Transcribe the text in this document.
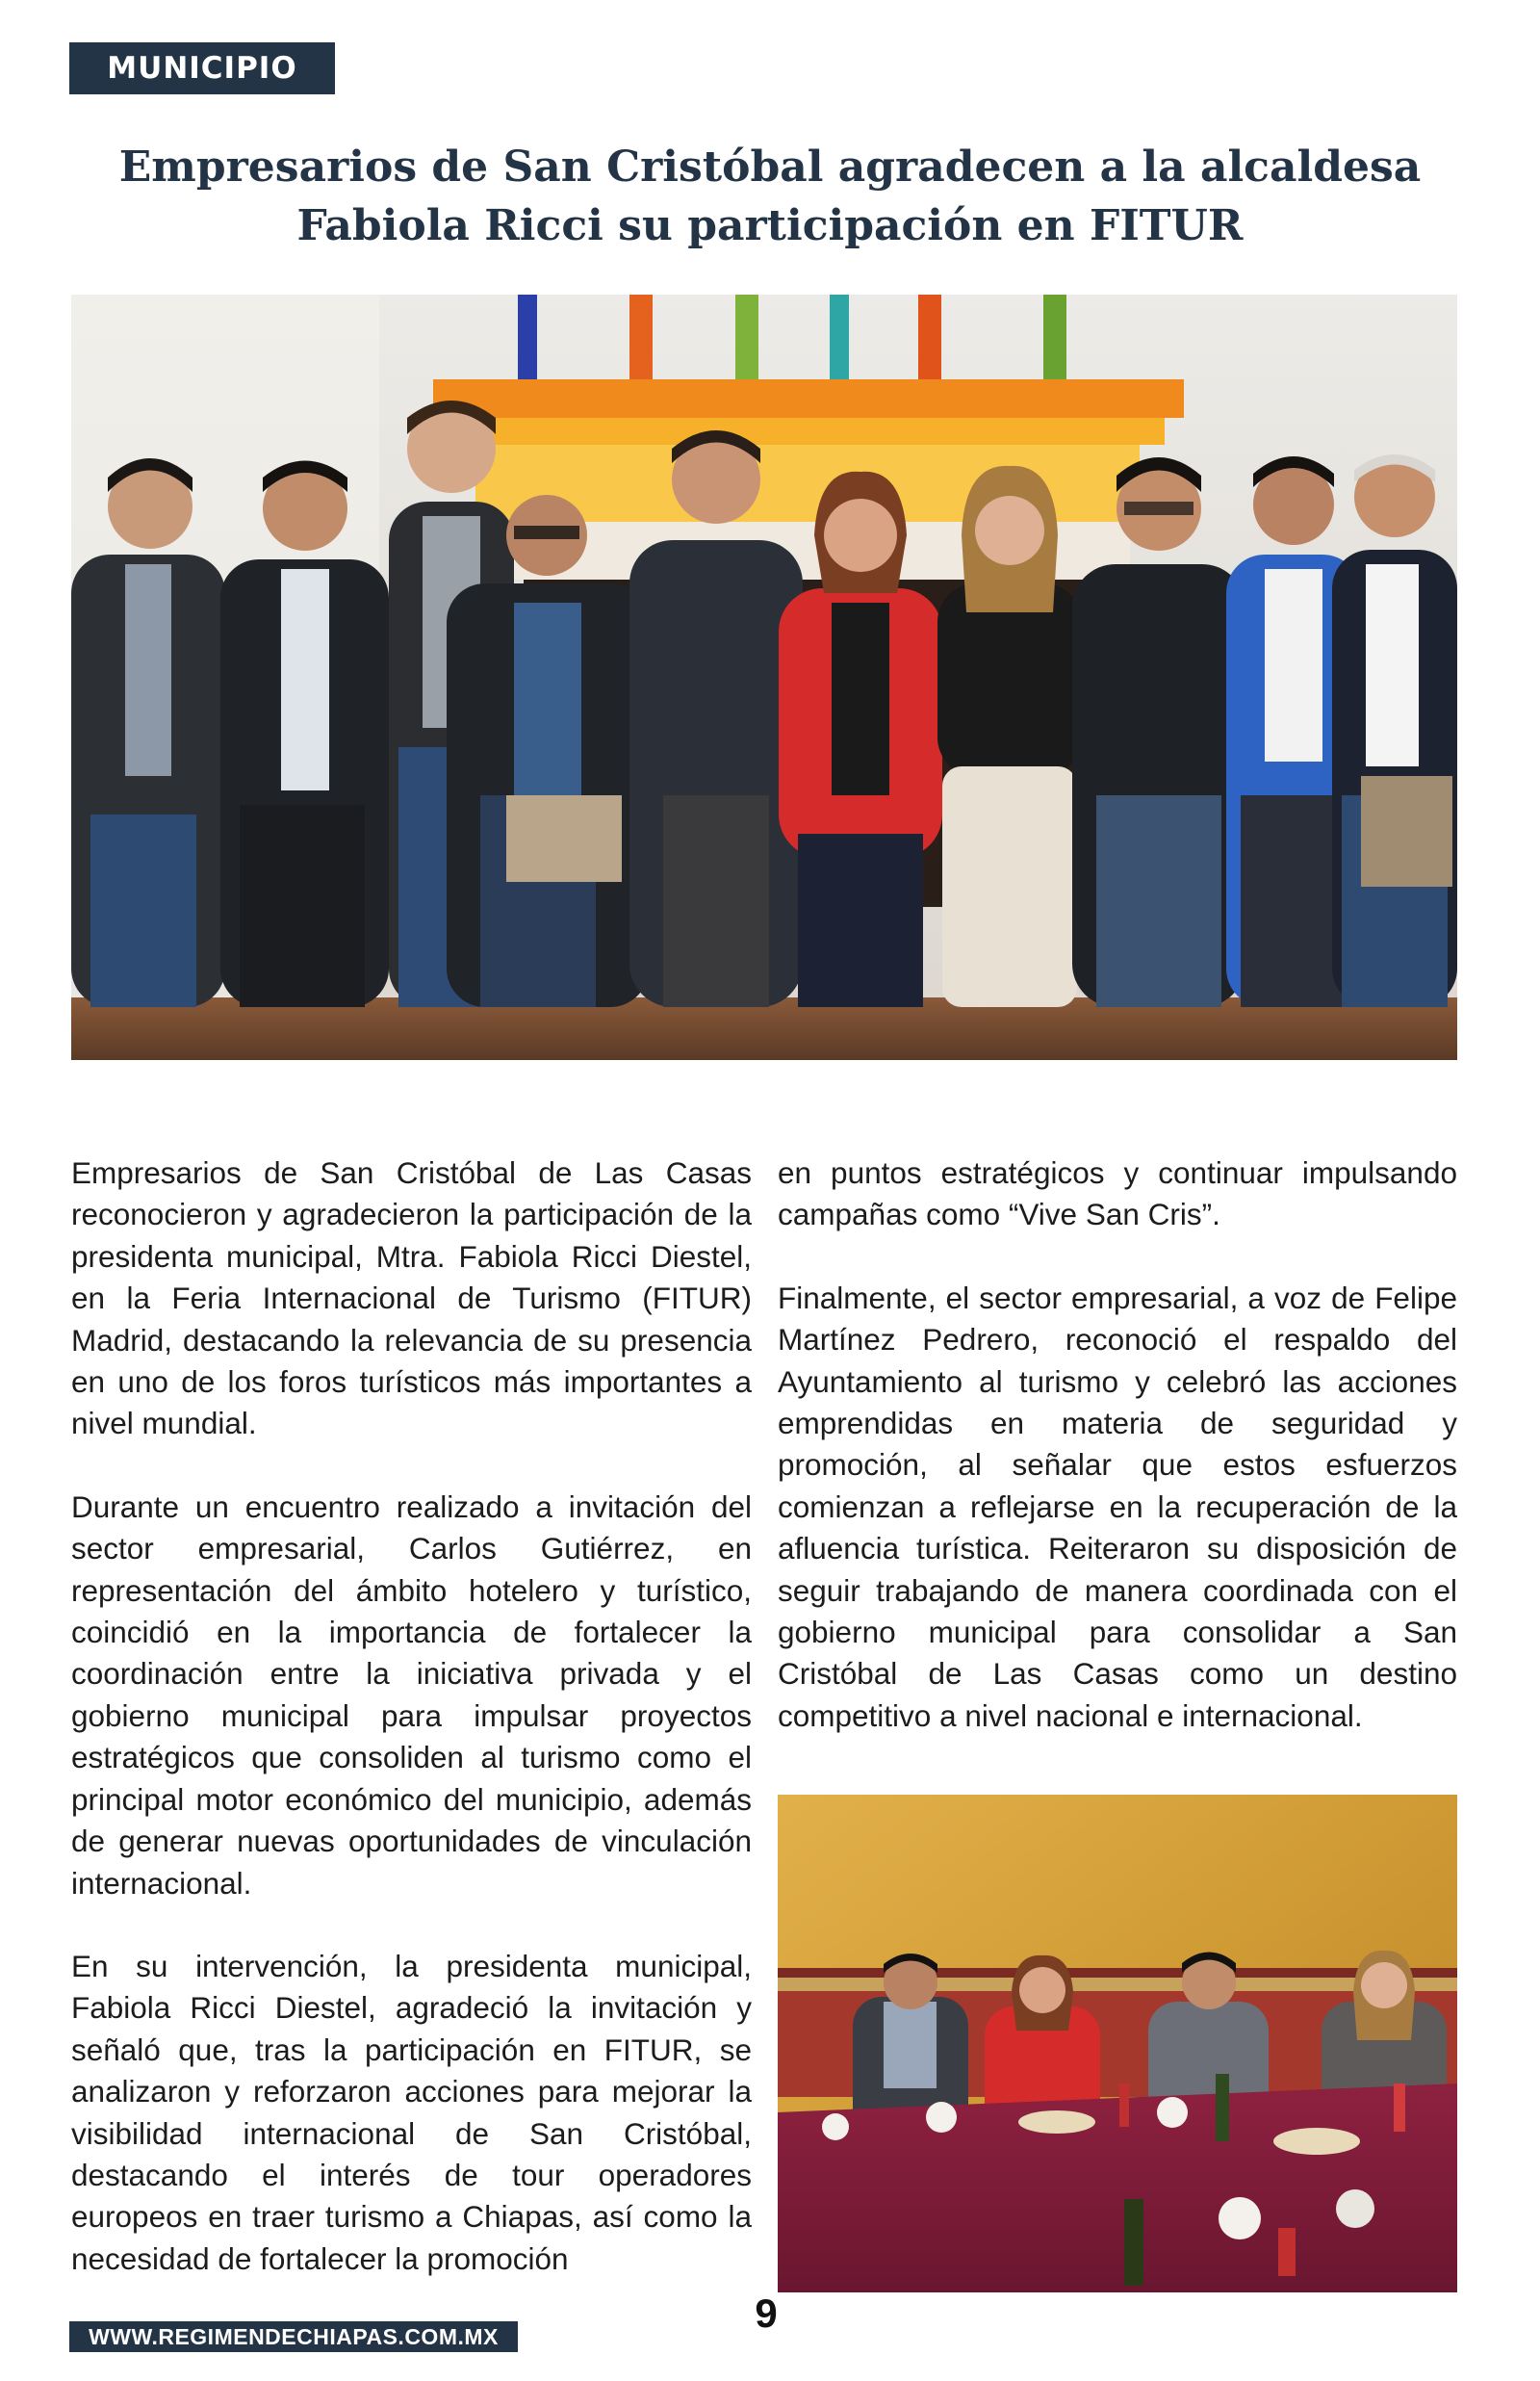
MUNICIPIO
Empresarios de San Cristóbal agradecen a la alcaldesa Fabiola Ricci su participación en FITUR

Empresarios de San Cristóbal de Las Casas reconocieron y agradecieron la participación de la presidenta municipal, Mtra. Fabiola Ricci Diestel, en la Feria Internacional de Turismo (FITUR) Madrid, destacando la relevancia de su presencia en uno de los foros turísticos más importantes a nivel mundial.

Durante un encuentro realizado a invitación del sector empresarial, Carlos Gutiérrez, en representación del ámbito hotelero y turístico, coincidió en la importancia de fortalecer la coordinación entre la iniciativa privada y el gobierno municipal para impulsar proyectos estratégicos que consoliden al turismo como el principal motor económico del municipio, además de generar nuevas oportunidades de vinculación internacional.

En su intervención, la presidenta municipal, Fabiola Ricci Diestel, agradeció la invitación y señaló que, tras la participación en FITUR, se analizaron y reforzaron acciones para mejorar la visibilidad internacional de San Cristóbal, destacando el interés de tour operadores europeos en traer turismo a Chiapas, así como la necesidad de fortalecer la promoción

en puntos estratégicos y continuar impulsando campañas como “Vive San Cris”.

Finalmente, el sector empresarial, a voz de Felipe Martínez Pedrero, reconoció el respaldo del Ayuntamiento al turismo y celebró las acciones emprendidas en materia de seguridad y promoción, al señalar que estos esfuerzos comienzan a reflejarse en la recuperación de la afluencia turística. Reiteraron su disposición de seguir trabajando de manera coordinada con el gobierno municipal para consolidar a San Cristóbal de Las Casas como un destino competitivo a nivel nacional e internacional.

WWW.REGIMENDECHIAPAS.COM.MX
9
